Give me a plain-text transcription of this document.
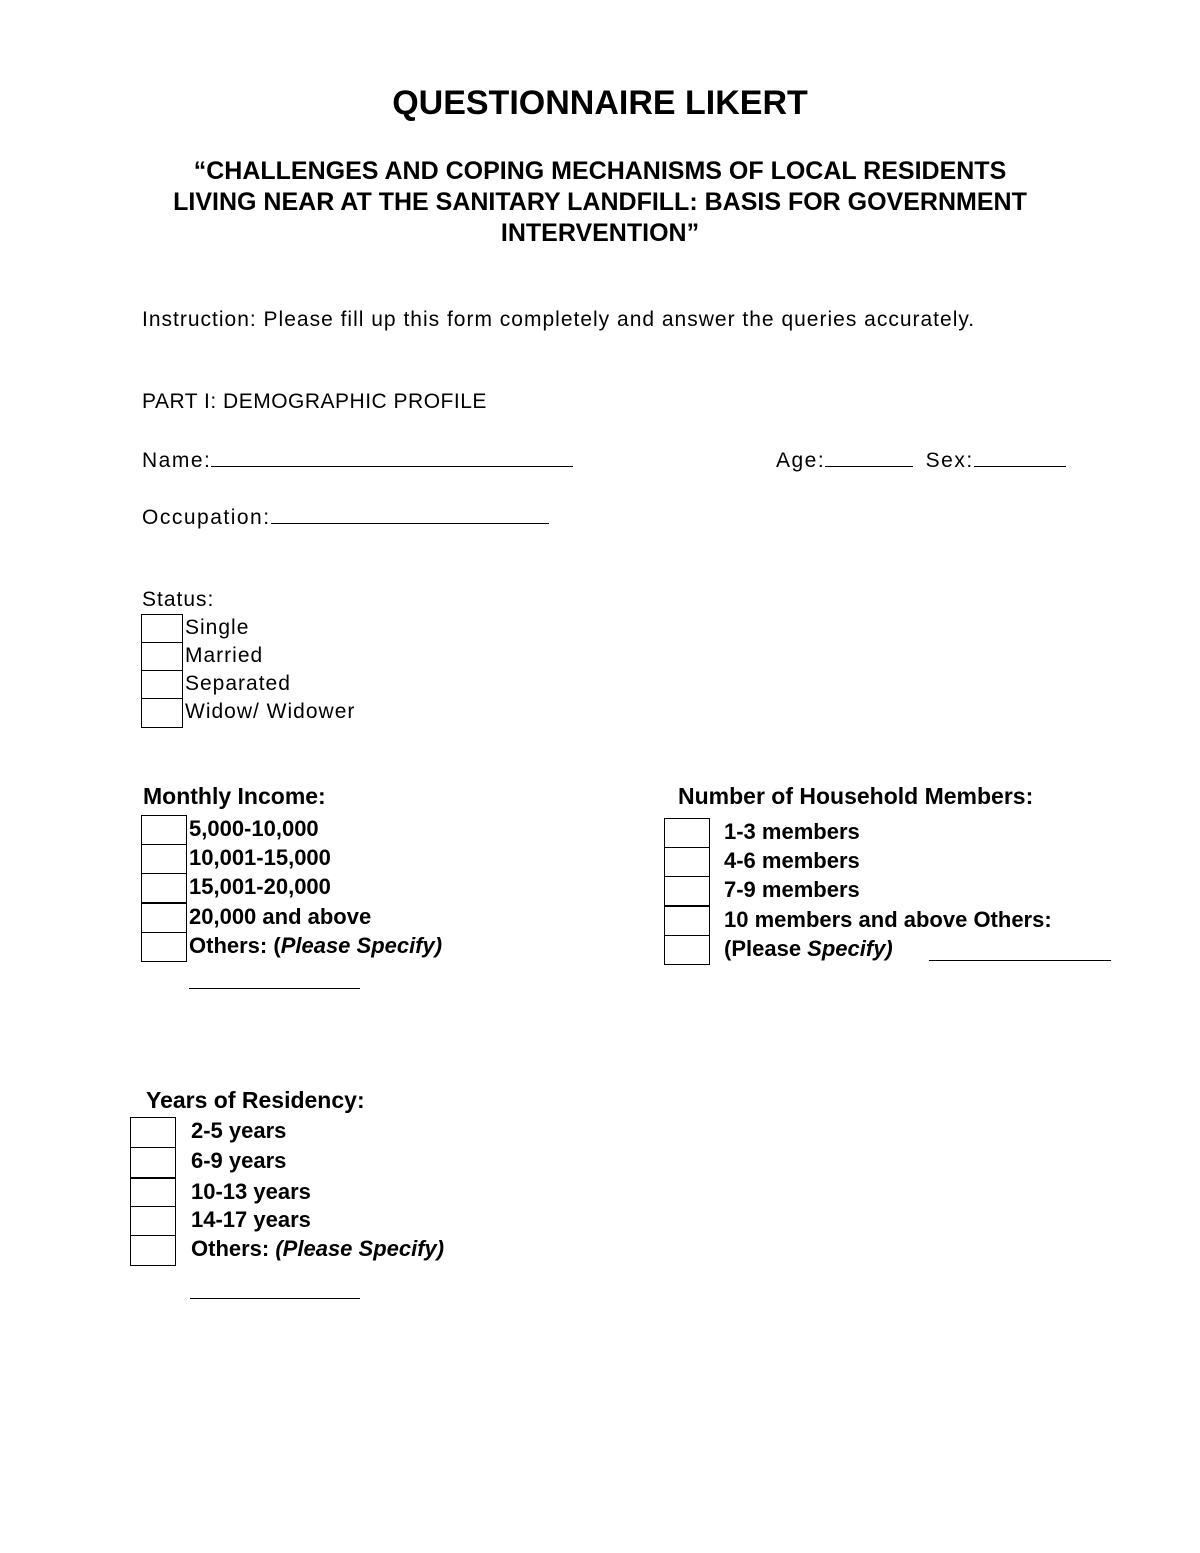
QUESTIONNAIRE LIKERT
“CHALLENGES AND COPING MECHANISMS OF LOCAL RESIDENTS
LIVING NEAR AT THE SANITARY LANDFILL: BASIS FOR GOVERNMENT
INTERVENTION”
Instruction: Please fill up this form completely and answer the queries accurately.
PART I: DEMOGRAPHIC PROFILE
Name:	Age:	Sex:
Occupation:
Status:
Single
Married
Separated
Widow/ Widower
Monthly Income:
5,000-10,000
10,001-15,000
15,001-20,000
20,000 and above
Others: (Please Specify)
Number of Household Members:
1-3 members
4-6 members
7-9 members
10 members and above Others:
(Please Specify)
Years of Residency:
2-5 years
6-9 years
10-13 years
14-17 years
Others: (Please Specify)
